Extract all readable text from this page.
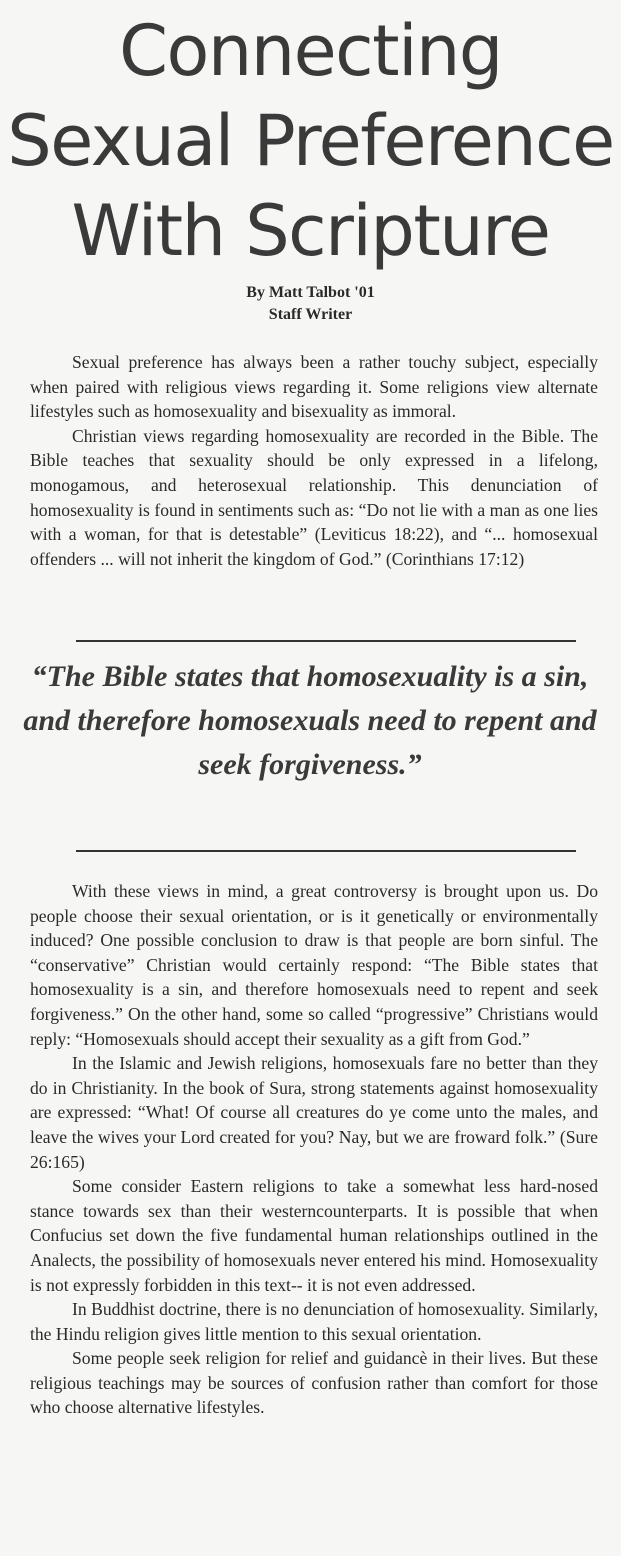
Connecting
Sexual Preference
With Scripture
By Matt Talbot '01
Staff Writer

Sexual preference has always been a rather touchy subject, especially when paired with religious views regarding it. Some religions view alternate lifestyles such as homosexuality and bisexuality as immoral.

Christian views regarding homosexuality are recorded in the Bible. The Bible teaches that sexuality should be only expressed in a lifelong, monogamous, and heterosexual relationship. This denunciation of homosexuality is found in sentiments such as: “Do not lie with a man as one lies with a woman, for that is detestable” (Leviticus 18:22), and “... homosexual offenders ... will not inherit the kingdom of God.” (Corinthians 17:12)

“The Bible states that homosexuality is a sin, and therefore homosexuals need to repent and seek forgiveness.”

With these views in mind, a great controversy is brought upon us. Do people choose their sexual orientation, or is it genetically or environmentally induced? One possible conclusion to draw is that people are born sinful. The “conservative” Christian would certainly respond: “The Bible states that homosexuality is a sin, and therefore homosexuals need to repent and seek forgiveness.” On the other hand, some so called “progressive” Christians would reply: “Homosexuals should accept their sexuality as a gift from God.”

In the Islamic and Jewish religions, homosexuals fare no better than they do in Christianity. In the book of Sura, strong statements against homosexuality are expressed: “What! Of course all creatures do ye come unto the males, and leave the wives your Lord created for you? Nay, but we are froward folk.” (Sure 26:165)

Some consider Eastern religions to take a somewhat less hard-nosed stance towards sex than their westerncounterparts. It is possible that when Confucius set down the five fundamental human relationships outlined in the Analects, the possibility of homosexuals never entered his mind. Homosexuality is not expressly forbidden in this text-- it is not even addressed.

In Buddhist doctrine, there is no denunciation of homosexuality. Similarly, the Hindu religion gives little mention to this sexual orientation.

Some people seek religion for relief and guidancè in their lives. But these religious teachings may be sources of confusion rather than comfort for those who choose alternative lifestyles.
